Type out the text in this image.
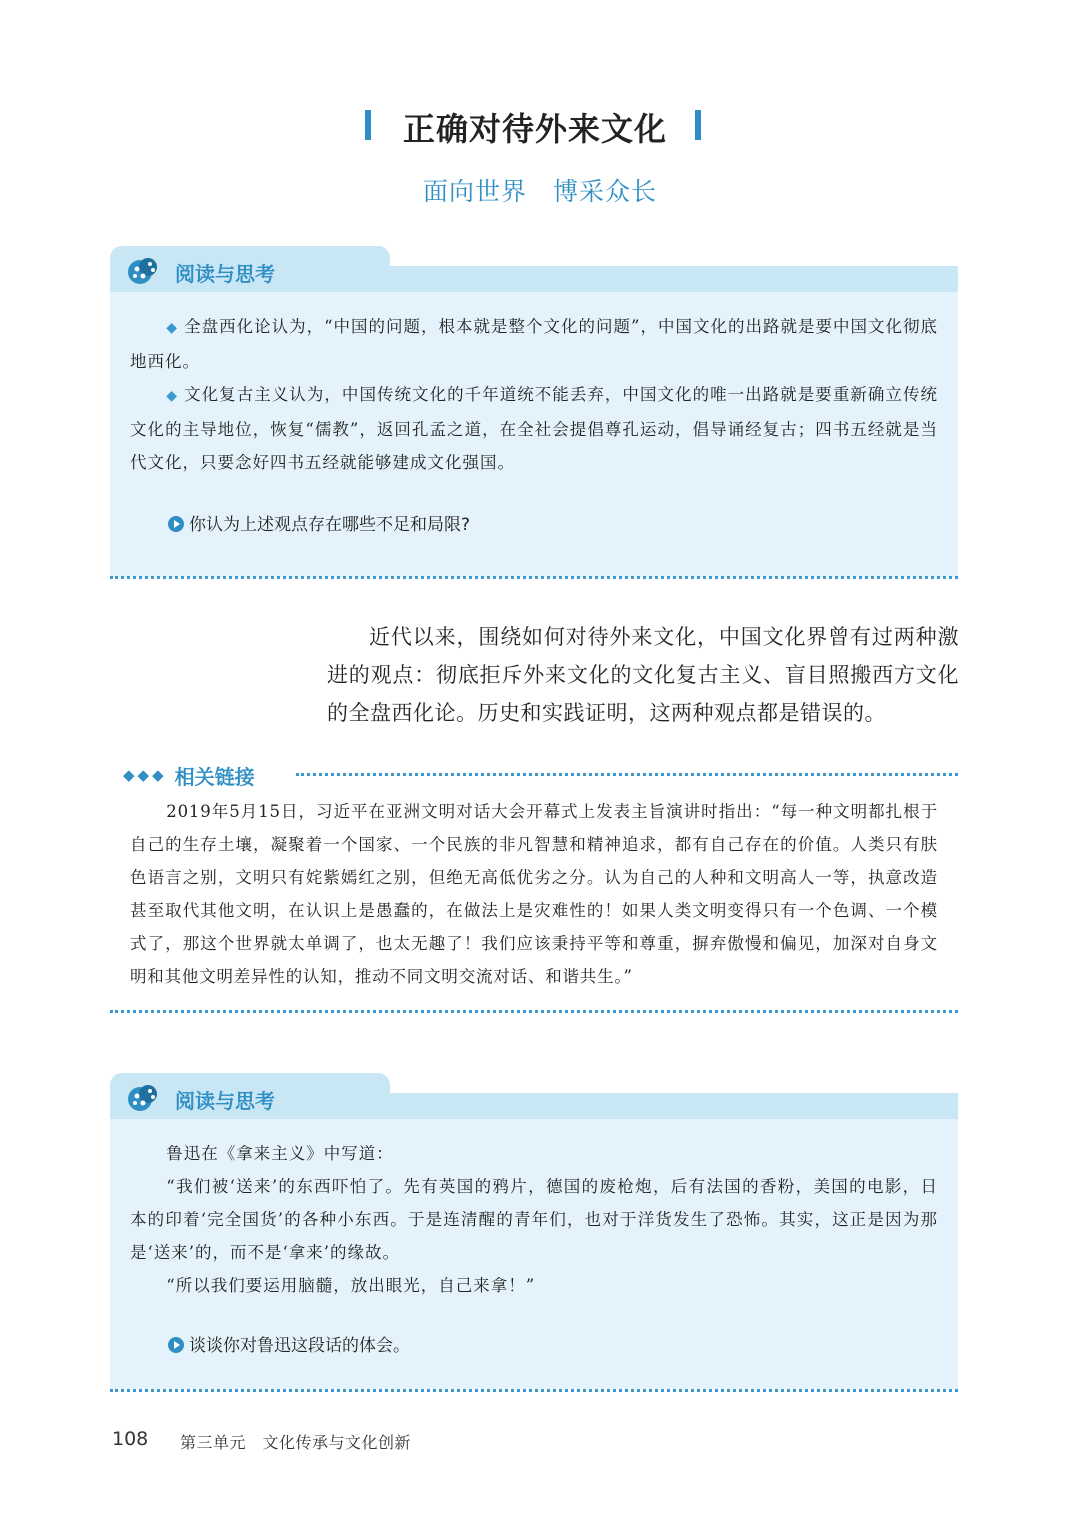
正确对待外来文化
面向世界　博采众长
阅读与思考

◆ 全盘西化论认为，“中国的问题，根本就是整个文化的问题”，中国文化的出路就是要中国文化彻底地西化。

◆ 文化复古主义认为，中国传统文化的千年道统不能丢弃，中国文化的唯一出路就是要重新确立传统文化的主导地位，恢复“儒教”，返回孔孟之道，在全社会提倡尊孔运动，倡导诵经复古；四书五经就是当代文化，只要念好四书五经就能够建成文化强国。

你认为上述观点存在哪些不足和局限?

近代以来，围绕如何对待外来文化，中国文化界曾有过两种激进的观点：彻底拒斥外来文化的文化复古主义、盲目照搬西方文化的全盘西化论。历史和实践证明，这两种观点都是错误的。

◆◆◆ 相关链接

2019年5月15日，习近平在亚洲文明对话大会开幕式上发表主旨演讲时指出：“每一种文明都扎根于自己的生存土壤，凝聚着一个国家、一个民族的非凡智慧和精神追求，都有自己存在的价值。人类只有肤色语言之别，文明只有姹紫嫣红之别，但绝无高低优劣之分。认为自己的人种和文明高人一等，执意改造甚至取代其他文明，在认识上是愚蠢的，在做法上是灾难性的！如果人类文明变得只有一个色调、一个模式了，那这个世界就太单调了，也太无趣了！我们应该秉持平等和尊重，摒弃傲慢和偏见，加深对自身文明和其他文明差异性的认知，推动不同文明交流对话、和谐共生。”

阅读与思考

鲁迅在《拿来主义》中写道：

“我们被‘送来’的东西吓怕了。先有英国的鸦片，德国的废枪炮，后有法国的香粉，美国的电影，日本的印着‘完全国货’的各种小东西。于是连清醒的青年们，也对于洋货发生了恐怖。其实，这正是因为那是‘送来’的，而不是‘拿来’的缘故。

“所以我们要运用脑髓，放出眼光，自己来拿！”

谈谈你对鲁迅这段话的体会。
108 第三单元　文化传承与文化创新
